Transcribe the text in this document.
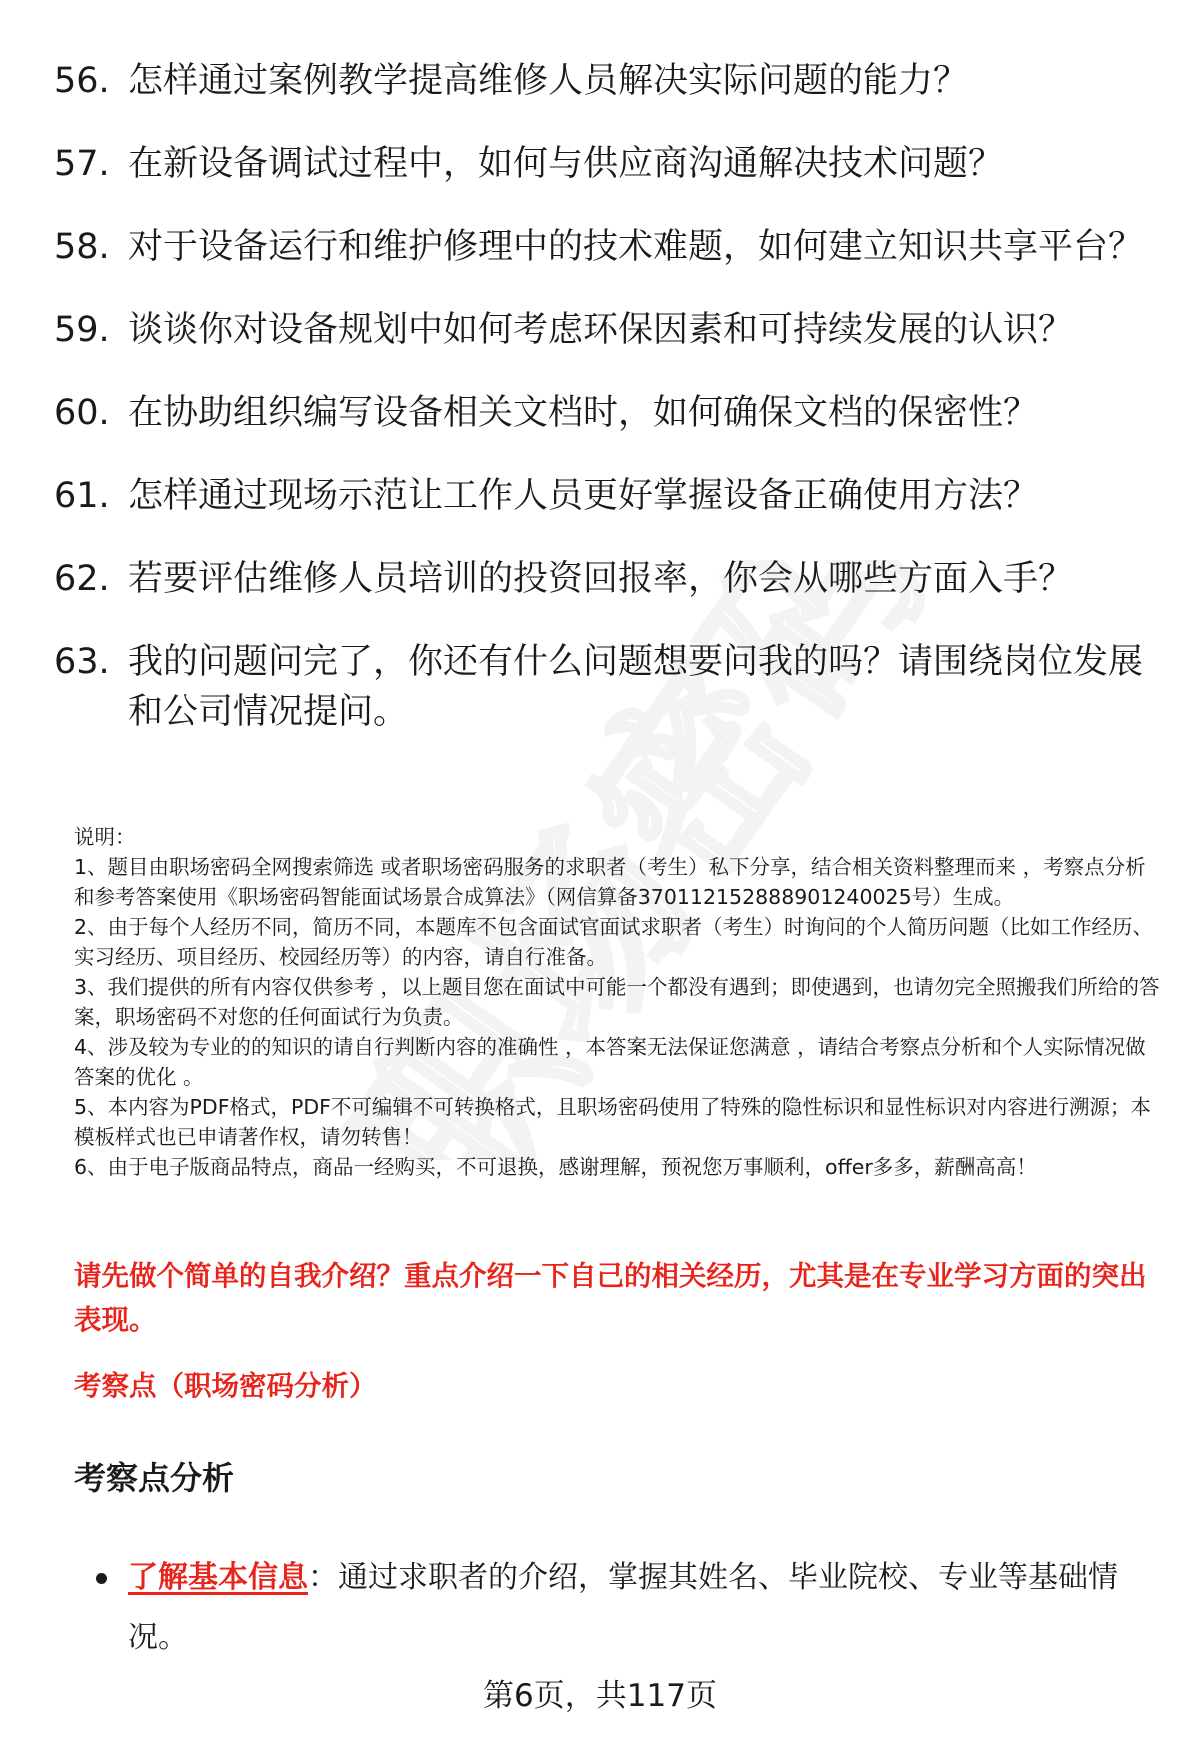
56. 怎样通过案例教学提高维修人员解决实际问题的能力？
57. 在新设备调试过程中，如何与供应商沟通解决技术问题？
58. 对于设备运行和维护修理中的技术难题，如何建立知识共享平台？
59. 谈谈你对设备规划中如何考虑环保因素和可持续发展的认识？
60. 在协助组织编写设备相关文档时，如何确保文档的保密性？
61. 怎样通过现场示范让工作人员更好掌握设备正确使用方法？
62. 若要评估维修人员培训的投资回报率，你会从哪些方面入手？
63. 我的问题问完了，你还有什么问题想要问我的吗？请围绕岗位发展和公司情况提问。

说明：

1、题目由职场密码全网搜索筛选 或者职场密码服务的求职者（考生）私下分享，结合相关资料整理而来 ，考察点分析和参考答案使用《职场密码智能面试场景合成算法》（网信算备370112152888901240025号）生成。

2、由于每个人经历不同，简历不同，本题库不包含面试官面试求职者（考生）时询问的个人简历问题（比如工作经历、实习经历、项目经历、校园经历等）的内容，请自行准备。

3、我们提供的所有内容仅供参考 ，以上题目您在面试中可能一个都没有遇到；即使遇到，也请勿完全照搬我们所给的答案，职场密码不对您的任何面试行为负责。

4、涉及较为专业的的知识的请自行判断内容的准确性 ，本答案无法保证您满意 ，请结合考察点分析和个人实际情况做答案的优化 。

5、本内容为PDF格式，PDF不可编辑不可转换格式，且职场密码使用了特殊的隐性标识和显性标识对内容进行溯源；本模板样式也已申请著作权，请勿转售！

6、由于电子版商品特点，商品一经购买，不可退换，感谢理解，预祝您万事顺利，offer多多，薪酬高高！

请先做个简单的自我介绍？重点介绍一下自己的相关经历，尤其是在专业学习方面的突出表现。

考察点（职场密码分析）

考察点分析
了解基本信息：通过求职者的介绍，掌握其姓名、毕业院校、专业等基础情况。
第6页，共117页
